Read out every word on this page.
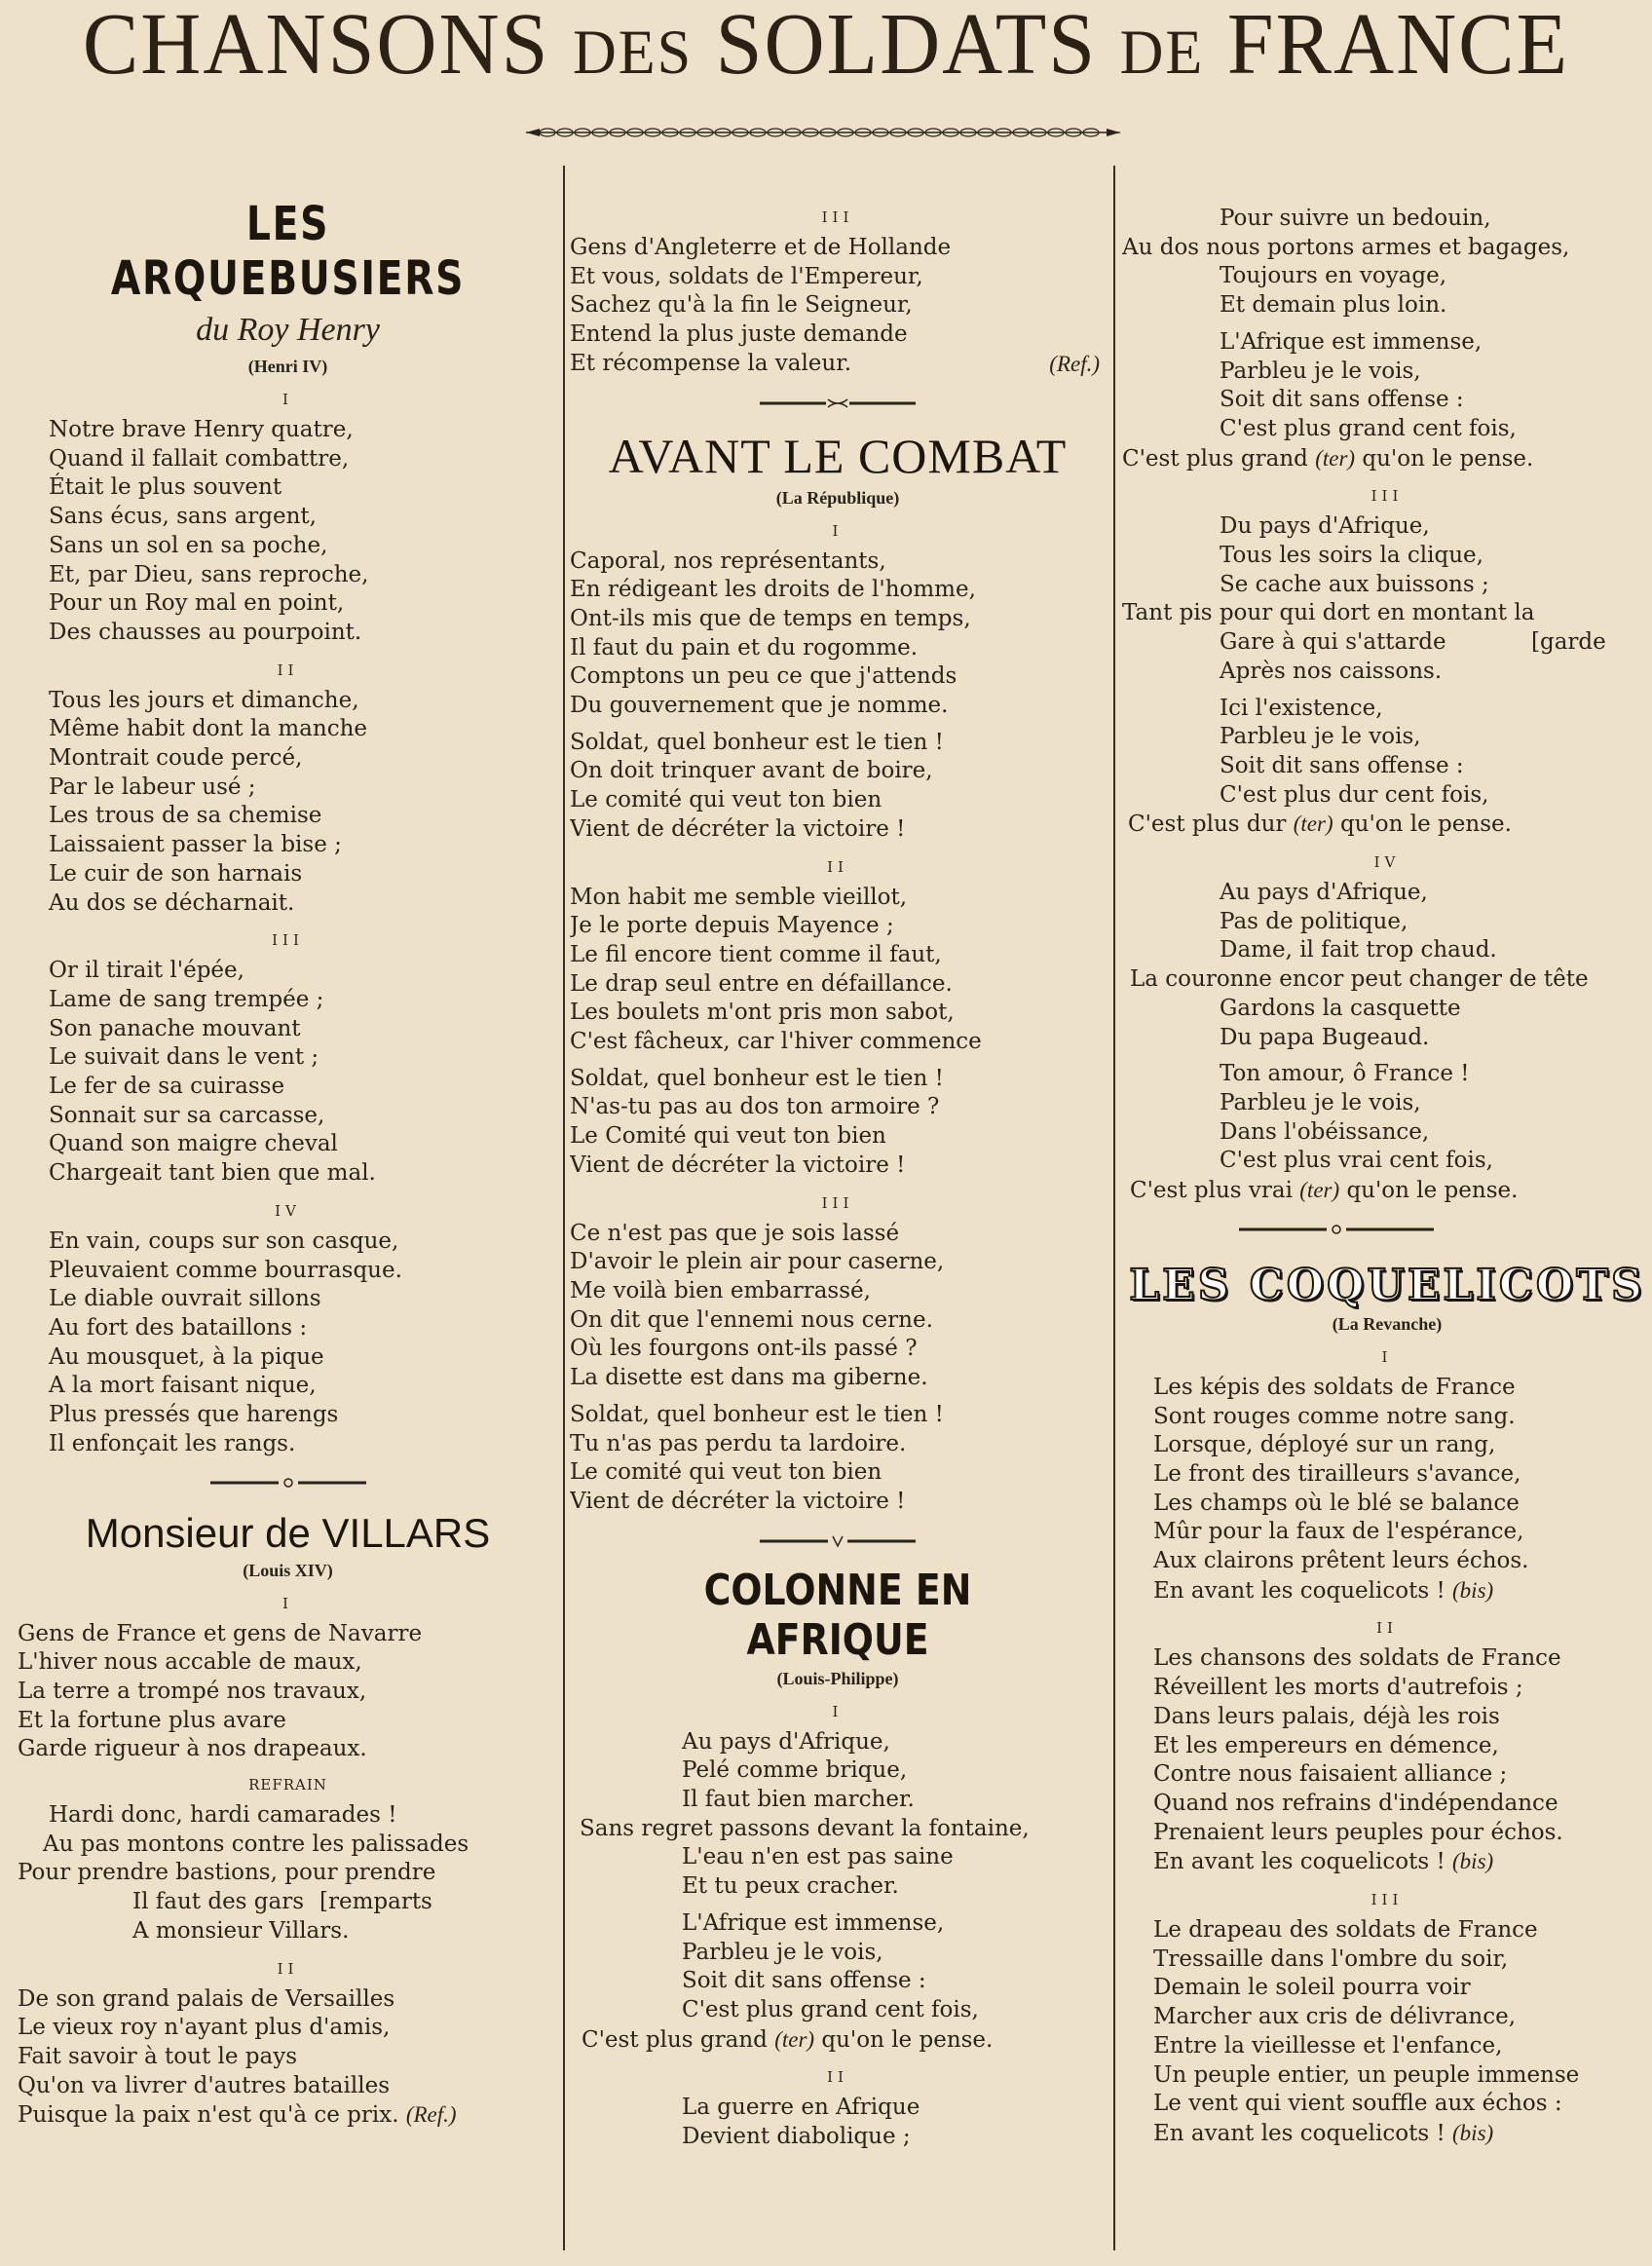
CHANSONS DES SOLDATS DE FRANCE
LES ARQUEBUSIERS
du Roy Henry
(Henri IV)
I
Notre brave Henry quatre,
Quand il fallait combattre,
Était le plus souvent
Sans écus, sans argent,
Sans un sol en sa poche,
Et, par Dieu, sans reproche,
Pour un Roy mal en point,
Des chausses au pourpoint.
II
Tous les jours et dimanche,
Même habit dont la manche
Montrait coude percé,
Par le labeur usé ;
Les trous de sa chemise
Laissaient passer la bise ;
Le cuir de son harnais
Au dos se décharnait.
III
Or il tirait l'épée,
Lame de sang trempée ;
Son panache mouvant
Le suivait dans le vent ;
Le fer de sa cuirasse
Sonnait sur sa carcasse,
Quand son maigre cheval
Chargeait tant bien que mal.
IV
En vain, coups sur son casque,
Pleuvaient comme bourrasque.
Le diable ouvrait sillons
Au fort des bataillons :
Au mousquet, à la pique
A la mort faisant nique,
Plus pressés que harengs
Il enfonçait les rangs.
Monsieur de VILLARS
(Louis XIV)
I
Gens de France et gens de Navarre
L'hiver nous accable de maux,
La terre a trompé nos travaux,
Et la fortune plus avare
Garde rigueur à nos drapeaux.
REFRAIN
Hardi donc, hardi camarades !
Au pas montons contre les palissades
Pour prendre bastions, pour prendre
Il faut des gars [remparts
A monsieur Villars.
II
De son grand palais de Versailles
Le vieux roy n'ayant plus d'amis,
Fait savoir à tout le pays
Qu'on va livrer d'autres batailles
Puisque la paix n'est qu'à ce prix. (Ref.)
III
Gens d'Angleterre et de Hollande
Et vous, soldats de l'Empereur,
Sachez qu'à la fin le Seigneur,
Entend la plus juste demande
Et récompense la valeur.	(Ref.)
AVANT LE COMBAT
(La République)
I
Caporal, nos représentants,
En rédigeant les droits de l'homme,
Ont-ils mis que de temps en temps,
Il faut du pain et du rogomme.
Comptons un peu ce que j'attends
Du gouvernement que je nomme.
Soldat, quel bonheur est le tien !
On doit trinquer avant de boire,
Le comité qui veut ton bien
Vient de décréter la victoire !
II
Mon habit me semble vieillot,
Je le porte depuis Mayence ;
Le fil encore tient comme il faut,
Le drap seul entre en défaillance.
Les boulets m'ont pris mon sabot,
C'est fâcheux, car l'hiver commence
Soldat, quel bonheur est le tien !
N'as-tu pas au dos ton armoire ?
Le Comité qui veut ton bien
Vient de décréter la victoire !
III
Ce n'est pas que je sois lassé
D'avoir le plein air pour caserne,
Me voilà bien embarrassé,
On dit que l'ennemi nous cerne.
Où les fourgons ont-ils passé ?
La disette est dans ma giberne.
Soldat, quel bonheur est le tien !
Tu n'as pas perdu ta lardoire.
Le comité qui veut ton bien
Vient de décréter la victoire !
COLONNE EN AFRIQUE
(Louis-Philippe)
I
Au pays d'Afrique,
Pelé comme brique,
Il faut bien marcher.
Sans regret passons devant la fontaine,
L'eau n'en est pas saine
Et tu peux cracher.
L'Afrique est immense,
Parbleu je le vois,
Soit dit sans offense :
C'est plus grand cent fois,
C'est plus grand (ter) qu'on le pense.
II
La guerre en Afrique
Devient diabolique ;
Pour suivre un bedouin,
Au dos nous portons armes et bagages,
Toujours en voyage,
Et demain plus loin.
L'Afrique est immense,
Parbleu je le vois,
Soit dit sans offense :
C'est plus grand cent fois,
C'est plus grand (ter) qu'on le pense.
III
Du pays d'Afrique,
Tous les soirs la clique,
Se cache aux buissons ;
Tant pis pour qui dort en montant la
Gare à qui s'attarde	[garde
Après nos caissons.
Ici l'existence,
Parbleu je le vois,
Soit dit sans offense :
C'est plus dur cent fois,
C'est plus dur (ter) qu'on le pense.
IV
Au pays d'Afrique,
Pas de politique,
Dame, il fait trop chaud.
La couronne encor peut changer de tête
Gardons la casquette
Du papa Bugeaud.
Ton amour, ô France !
Parbleu je le vois,
Dans l'obéissance,
C'est plus vrai cent fois,
C'est plus vrai (ter) qu'on le pense.
LES COQUELICOTS
(La Revanche)
I
Les képis des soldats de France
Sont rouges comme notre sang.
Lorsque, déployé sur un rang,
Le front des tirailleurs s'avance,
Les champs où le blé se balance
Mûr pour la faux de l'espérance,
Aux clairons prêtent leurs échos.
En avant les coquelicots ! (bis)
II
Les chansons des soldats de France
Réveillent les morts d'autrefois ;
Dans leurs palais, déjà les rois
Et les empereurs en démence,
Contre nous faisaient alliance ;
Quand nos refrains d'indépendance
Prenaient leurs peuples pour échos.
En avant les coquelicots ! (bis)
III
Le drapeau des soldats de France
Tressaille dans l'ombre du soir,
Demain le soleil pourra voir
Marcher aux cris de délivrance,
Entre la vieillesse et l'enfance,
Un peuple entier, un peuple immense
Le vent qui vient souffle aux échos :
En avant les coquelicots ! (bis)
